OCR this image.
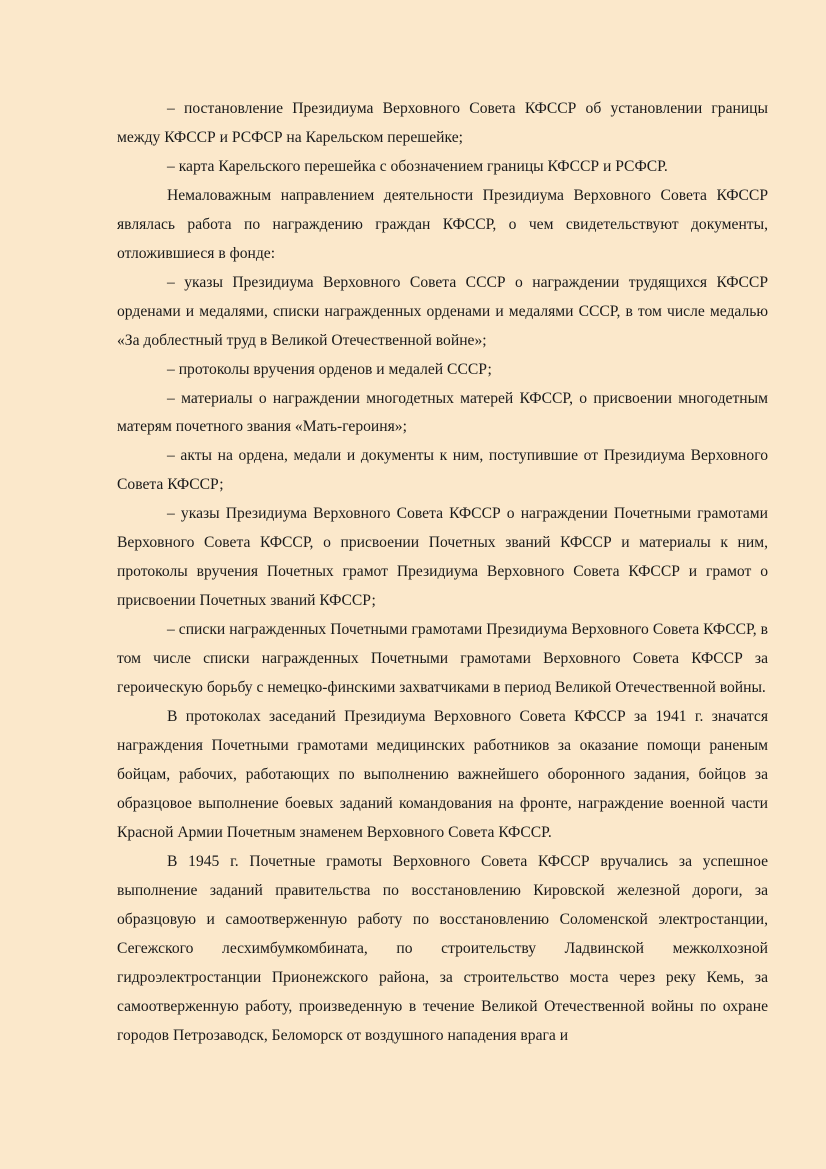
– постановление Президиума Верховного Совета КФССР об установлении границы между КФССР и РСФСР на Карельском перешейке;

– карта Карельского перешейка с обозначением границы КФССР и РСФСР.

Немаловажным направлением деятельности Президиума Верховного Совета КФССР являлась работа по награждению граждан КФССР, о чем свидетельствуют документы, отложившиеся в фонде:

– указы Президиума Верховного Совета СССР о награждении трудящихся КФССР орденами и медалями, списки награжденных орденами и медалями СССР, в том числе медалью «За доблестный труд в Великой Отечественной войне»;

– протоколы вручения орденов и медалей СССР;

– материалы о награждении многодетных матерей КФССР, о присвоении многодетным матерям почетного звания «Мать-героиня»;

– акты на ордена, медали и документы к ним, поступившие от Президиума Верховного Совета КФССР;

– указы Президиума Верховного Совета КФССР о награждении Почетными грамотами Верховного Совета КФССР, о присвоении Почетных званий КФССР и материалы к ним, протоколы вручения Почетных грамот Президиума Верховного Совета КФССР и грамот о присвоении Почетных званий КФССР;

– списки награжденных Почетными грамотами Президиума Верховного Совета КФССР, в том числе списки награжденных Почетными грамотами Верховного Совета КФССР за героическую борьбу с немецко-финскими захватчиками в период Великой Отечественной войны.

В протоколах заседаний Президиума Верховного Совета КФССР за 1941 г. значатся награждения Почетными грамотами медицинских работников за оказание помощи раненым бойцам, рабочих, работающих по выполнению важнейшего оборонного задания, бойцов за образцовое выполнение боевых заданий командования на фронте, награждение военной части Красной Армии Почетным знаменем Верховного Совета КФССР.

В 1945 г. Почетные грамоты Верховного Совета КФССР вручались за успешное выполнение заданий правительства по восстановлению Кировской железной дороги, за образцовую и самоотверженную работу по восстановлению Соломенской электростанции, Сегежского лесхимбумкомбината, по строительству Ладвинской межколхозной гидроэлектростанции Прионежского района, за строительство моста через реку Кемь, за самоотверженную работу, произведенную в течение Великой Отечественной войны по охране городов Петрозаводск, Беломорск от воздушного нападения врага и
